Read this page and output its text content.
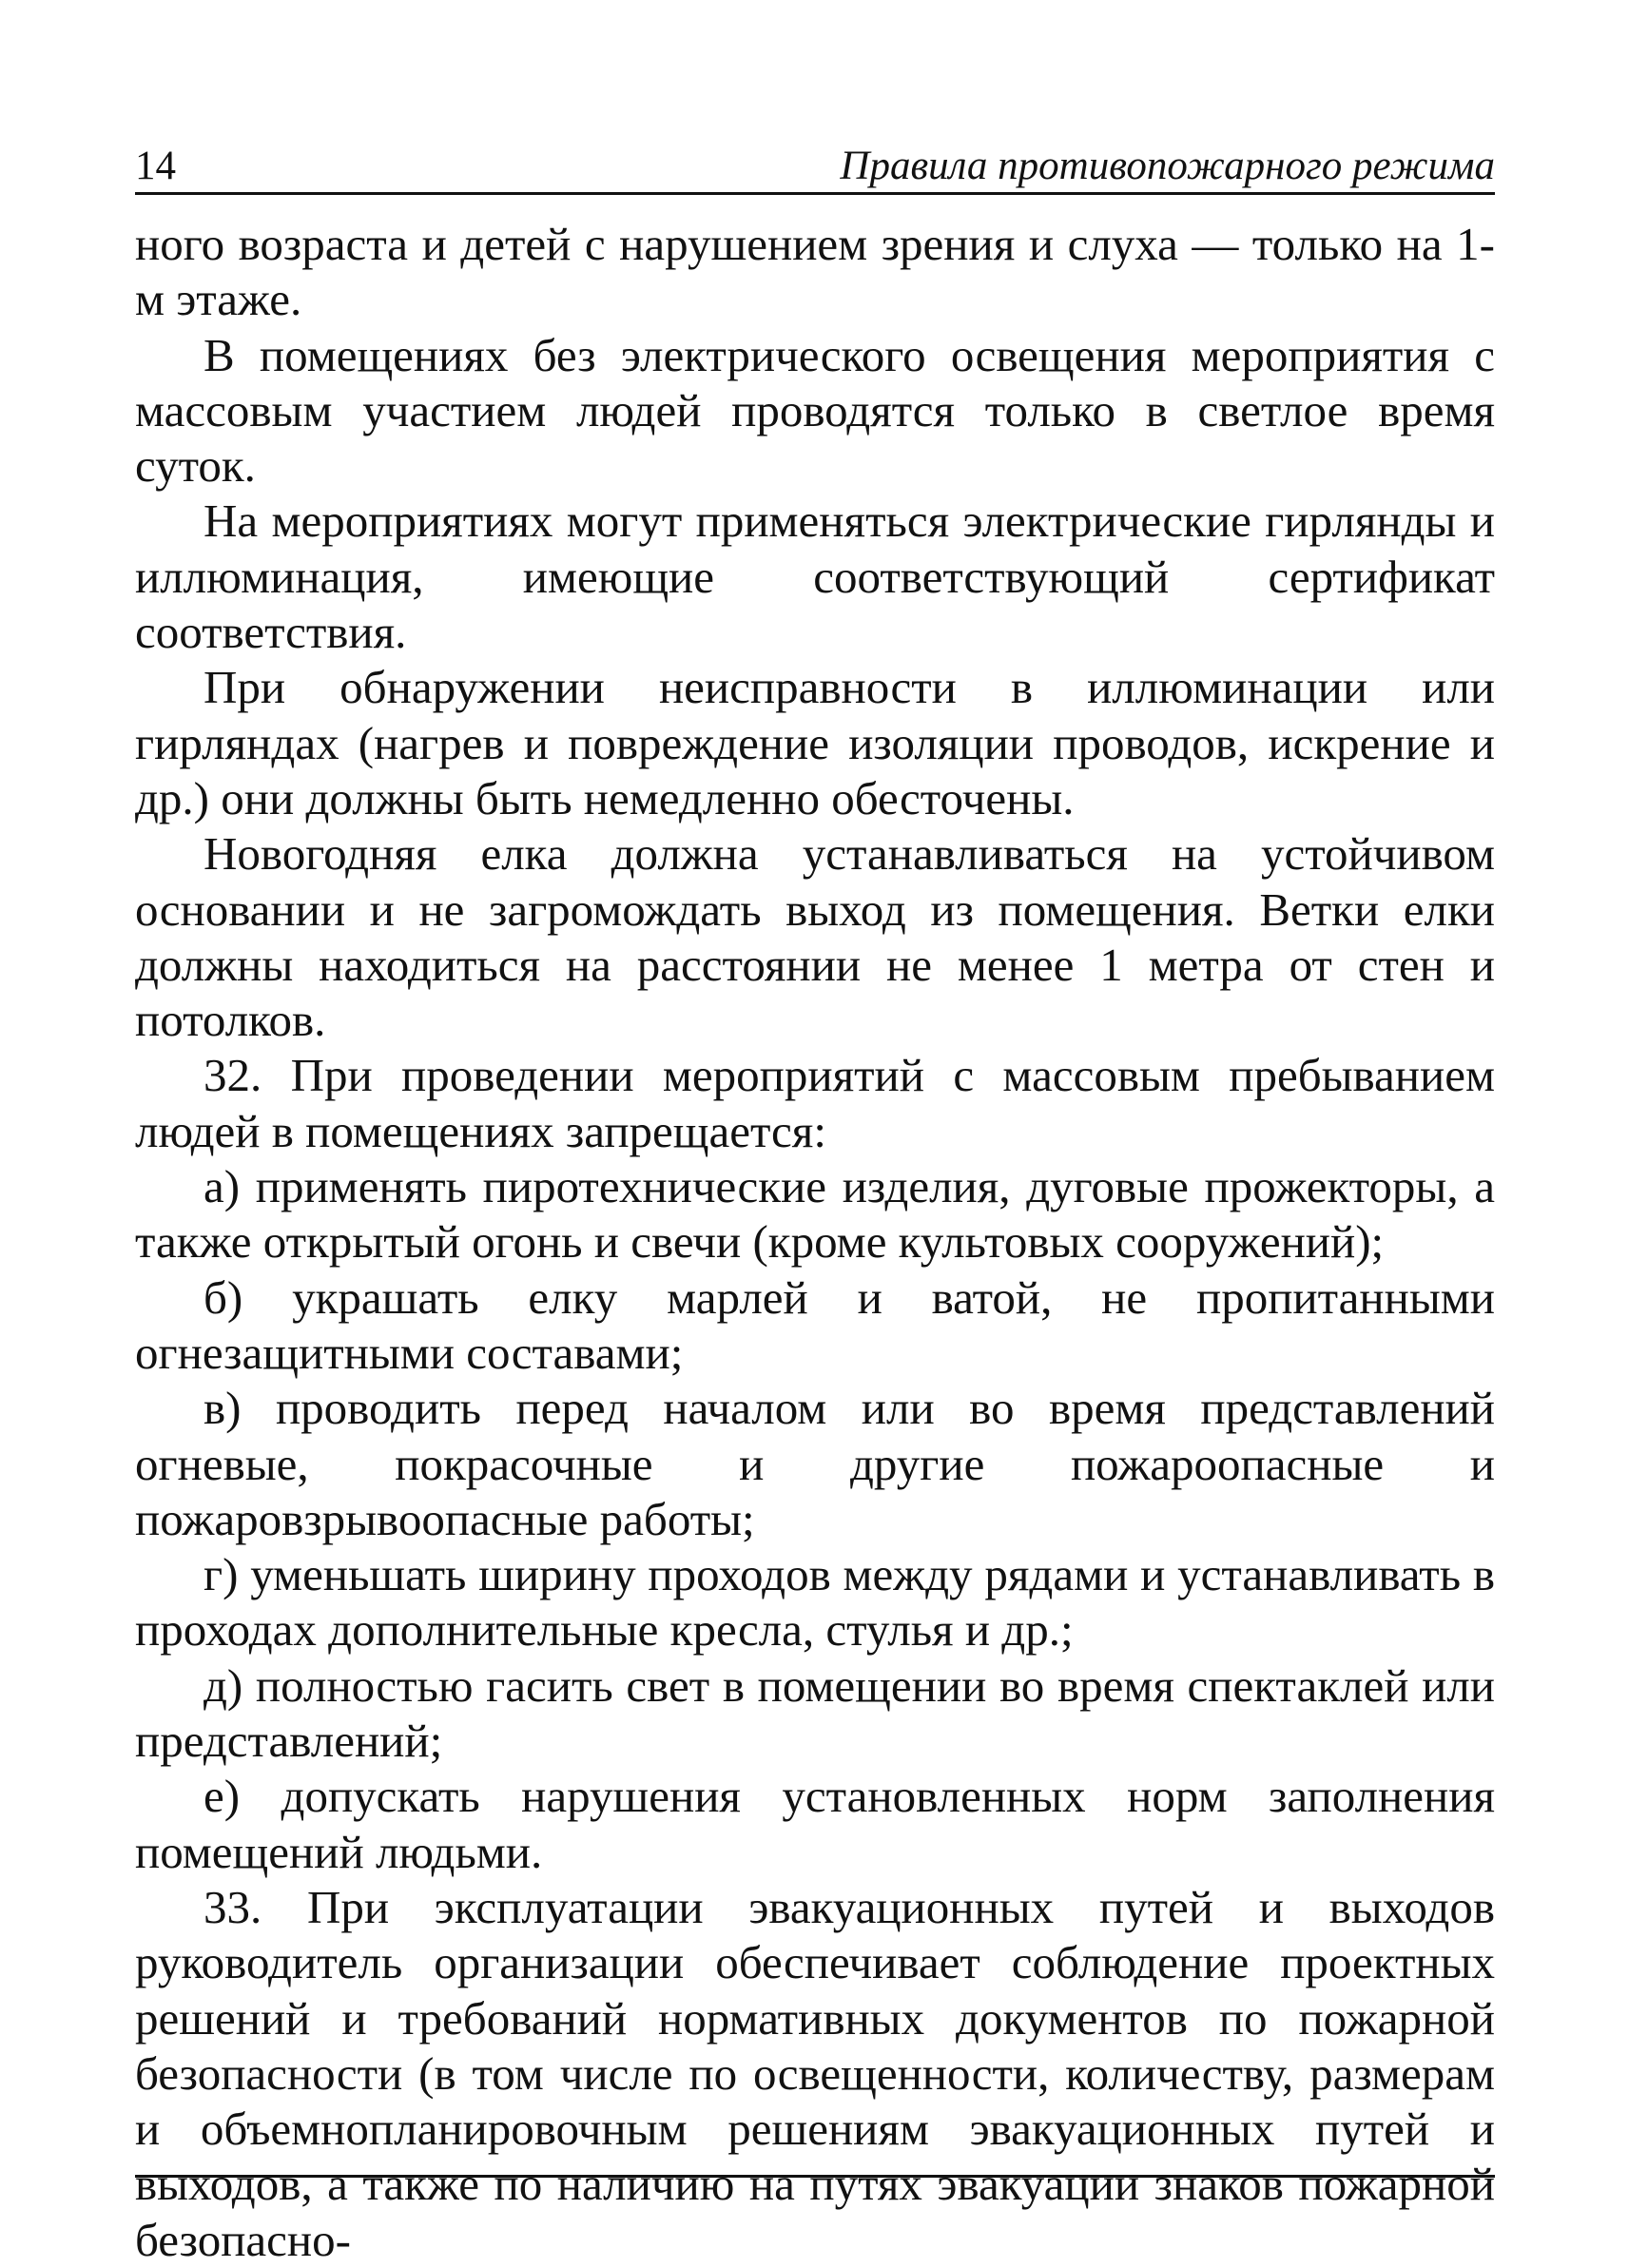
14	Правила противопожарного режима

ного возраста и детей с нарушением зрения и слуха — только на 1-м этаже.

В помещениях без электрического освещения мероприятия с массовым участием людей проводятся только в светлое время суток.

На мероприятиях могут применяться электрические гирлянды и иллюминация, имеющие соответствующий сертификат соответствия.

При обнаружении неисправности в иллюминации или гирляндах (нагрев и повреждение изоляции проводов, искрение и др.) они должны быть немедленно обесточены.

Новогодняя елка должна устанавливаться на устойчивом основании и не загромождать выход из помещения. Ветки елки должны находиться на расстоянии не менее 1 метра от стен и потолков.

32. При проведении мероприятий с массовым пребыванием людей в помещениях запрещается:

а) применять пиротехнические изделия, дуговые прожекторы, а также открытый огонь и свечи (кроме культовых сооружений);

б) украшать елку марлей и ватой, не пропитанными огнезащитными составами;

в) проводить перед началом или во время представлений огневые, покрасочные и другие пожароопасные и пожаровзрывоопасные работы;

г) уменьшать ширину проходов между рядами и устанавливать в проходах дополнительные кресла, стулья и др.;

д) полностью гасить свет в помещении во время спектаклей или представлений;

е) допускать нарушения установленных норм заполнения помещений людьми.

33. При эксплуатации эвакуационных путей и выходов руководитель организации обеспечивает соблюдение проектных решений и требований нормативных документов по пожарной безопасности (в том числе по освещенности, количеству, размерам и объемнопланировочным решениям эвакуационных путей и выходов, а также по наличию на путях эвакуации знаков пожарной безопасно-
